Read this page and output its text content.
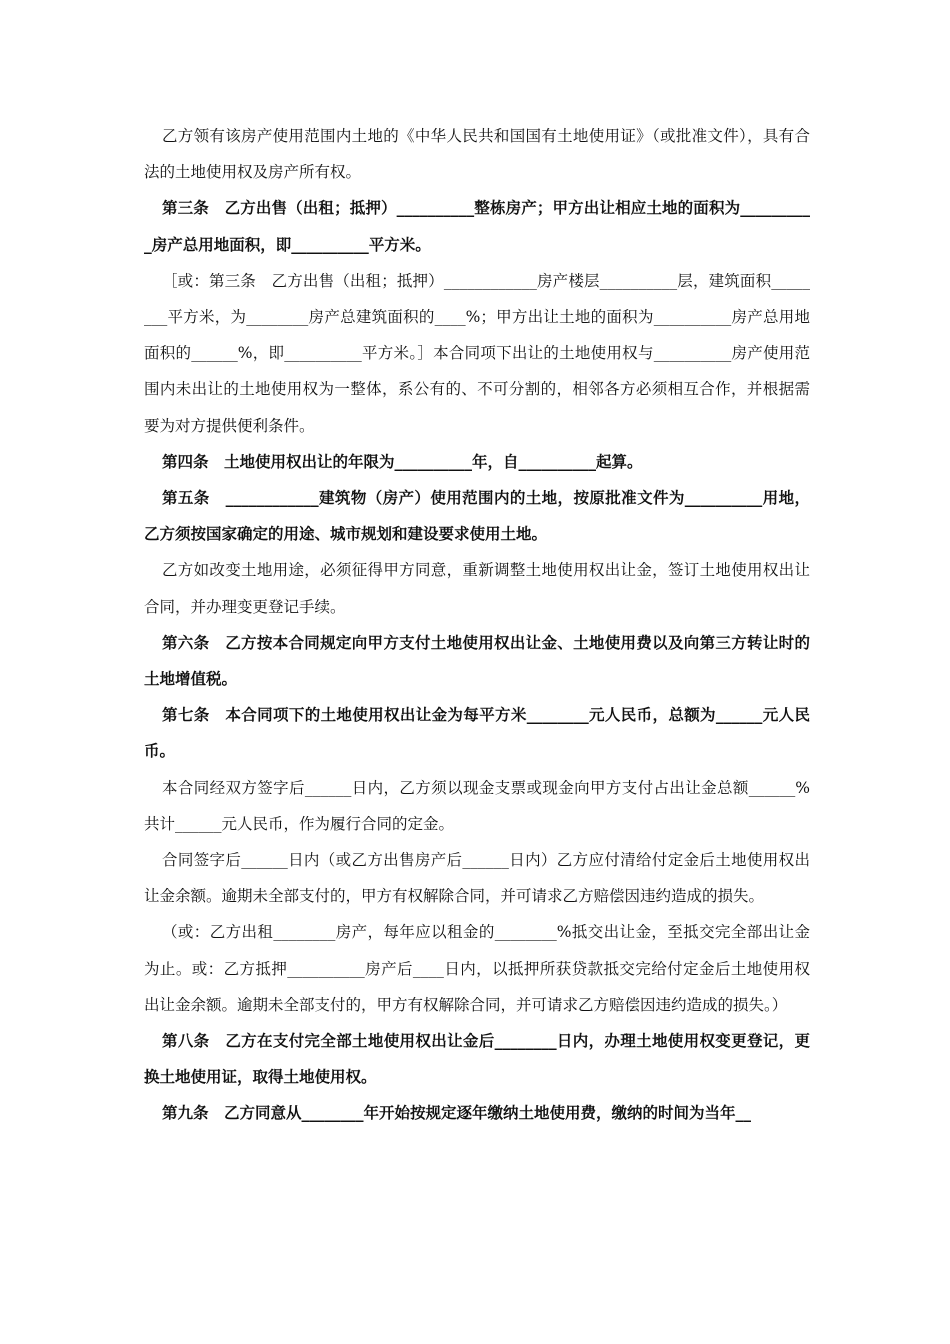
乙方领有该房产使用范围内土地的《中华人民共和国国有土地使用证》（或批准文件），具有合法的土地使用权及房产所有权。

第三条　乙方出售（出租；抵押）__________整栋房产；甲方出让相应土地的面积为__________房产总用地面积，即__________平方米。

［或：第三条　乙方出售（出租；抵押）____________房产楼层__________层，建筑面积________平方米，为________房产总建筑面积的____%；甲方出让土地的面积为__________房产总用地面积的______%，即__________平方米。］本合同项下出让的土地使用权与__________房产使用范围内未出让的土地使用权为一整体，系公有的、不可分割的，相邻各方必须相互合作，并根据需要为对方提供便利条件。

第四条　土地使用权出让的年限为__________年，自__________起算。

第五条　____________建筑物（房产）使用范围内的土地，按原批准文件为__________用地，乙方须按国家确定的用途、城市规划和建设要求使用土地。

乙方如改变土地用途，必须征得甲方同意，重新调整土地使用权出让金，签订土地使用权出让合同，并办理变更登记手续。

第六条　乙方按本合同规定向甲方支付土地使用权出让金、土地使用费以及向第三方转让时的土地增值税。

第七条　本合同项下的土地使用权出让金为每平方米________元人民币，总额为______元人民币。

本合同经双方签字后______日内，乙方须以现金支票或现金向甲方支付占出让金总额______%共计______元人民币，作为履行合同的定金。

合同签字后______日内（或乙方出售房产后______日内）乙方应付清给付定金后土地使用权出让金余额。逾期未全部支付的，甲方有权解除合同，并可请求乙方赔偿因违约造成的损失。

（或：乙方出租________房产，每年应以租金的________%抵交出让金，至抵交完全部出让金为止。或：乙方抵押__________房产后____日内，以抵押所获贷款抵交完给付定金后土地使用权出让金余额。逾期未全部支付的，甲方有权解除合同，并可请求乙方赔偿因违约造成的损失。）

第八条　乙方在支付完全部土地使用权出让金后________日内，办理土地使用权变更登记，更换土地使用证，取得土地使用权。

第九条　乙方同意从________年开始按规定逐年缴纳土地使用费，缴纳的时间为当年__
